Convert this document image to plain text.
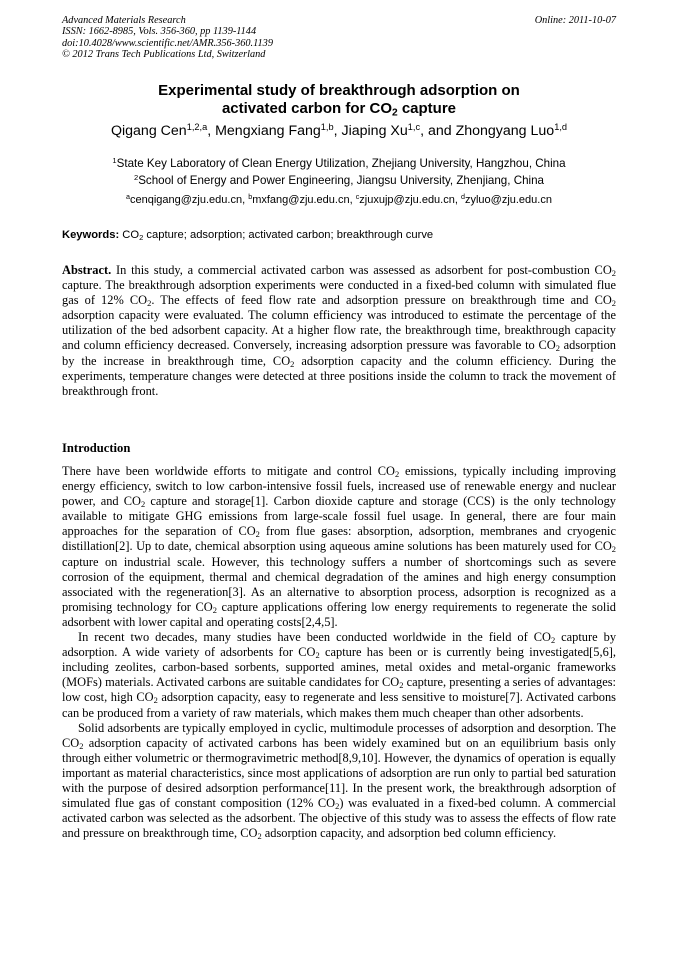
Advanced Materials Research
ISSN: 1662-8985, Vols. 356-360, pp 1139-1144
doi:10.4028/www.scientific.net/AMR.356-360.1139
© 2012 Trans Tech Publications Ltd, Switzerland
Online: 2011-10-07
Experimental study of breakthrough adsorption on
activated carbon for $CO_2$ capture
Qigang Cen$^{1,2,a}$, Mengxiang Fang$^{1,b}$, Jiaping Xu$^{1,c}$, and Zhongyang Luo$^{1,d}$
$^1$State Key Laboratory of Clean Energy Utilization, Zhejiang University, Hangzhou, China
$^2$School of Energy and Power Engineering, Jiangsu University, Zhenjiang, China
$^a$cenqigang@zju.edu.cn, $^b$mxfang@zju.edu.cn, $^c$zjuxujp@zju.edu.cn, $^d$zyluo@zju.edu.cn
Keywords: $CO_2$ capture; adsorption; activated carbon; breakthrough curve
Abstract. In this study, a commercial activated carbon was assessed as adsorbent for post-combustion $CO_2$ capture. The breakthrough adsorption experiments were conducted in a fixed-bed column with simulated flue gas of 12% $CO_2$. The effects of feed flow rate and adsorption pressure on breakthrough time and $CO_2$ adsorption capacity were evaluated. The column efficiency was introduced to estimate the percentage of the utilization of the bed adsorbent capacity. At a higher flow rate, the breakthrough time, breakthrough capacity and column efficiency decreased. Conversely, increasing adsorption pressure was favorable to $CO_2$ adsorption by the increase in breakthrough time, $CO_2$ adsorption capacity and the column efficiency. During the experiments, temperature changes were detected at three positions inside the column to track the movement of breakthrough front.
Introduction

There have been worldwide efforts to mitigate and control $CO_2$ emissions, typically including improving energy efficiency, switch to low carbon-intensive fossil fuels, increased use of renewable energy and nuclear power, and $CO_2$ capture and storage[1]. Carbon dioxide capture and storage (CCS) is the only technology available to mitigate GHG emissions from large-scale fossil fuel usage. In general, there are four main approaches for the separation of $CO_2$ from flue gases: absorption, adsorption, membranes and cryogenic distillation[2]. Up to date, chemical absorption using aqueous amine solutions has been maturely used for $CO_2$ capture on industrial scale. However, this technology suffers a number of shortcomings such as severe corrosion of the equipment, thermal and chemical degradation of the amines and high energy consumption associated with the regeneration[3]. As an alternative to absorption process, adsorption is recognized as a promising technology for $CO_2$ capture applications offering low energy requirements to regenerate the solid adsorbent with lower capital and operating costs[2,4,5].

In recent two decades, many studies have been conducted worldwide in the field of $CO_2$ capture by adsorption. A wide variety of adsorbents for $CO_2$ capture has been or is currently being investigated[5,6], including zeolites, carbon-based sorbents, supported amines, metal oxides and metal-organic frameworks (MOFs) materials. Activated carbons are suitable candidates for $CO_2$ capture, presenting a series of advantages: low cost, high $CO_2$ adsorption capacity, easy to regenerate and less sensitive to moisture[7]. Activated carbons can be produced from a variety of raw materials, which makes them much cheaper than other adsorbents.

Solid adsorbents are typically employed in cyclic, multimodule processes of adsorption and desorption. The $CO_2$ adsorption capacity of activated carbons has been widely examined but on an equilibrium basis only through either volumetric or thermogravimetric method[8,9,10]. However, the dynamics of operation is equally important as material characteristics, since most applications of adsorption are run only to partial bed saturation with the purpose of desired adsorption performance[11]. In the present work, the breakthrough adsorption of simulated flue gas of constant composition (12% $CO_2$) was evaluated in a fixed-bed column. A commercial activated carbon was selected as the adsorbent. The objective of this study was to assess the effects of flow rate and pressure on breakthrough time, $CO_2$ adsorption capacity, and adsorption bed column efficiency.
